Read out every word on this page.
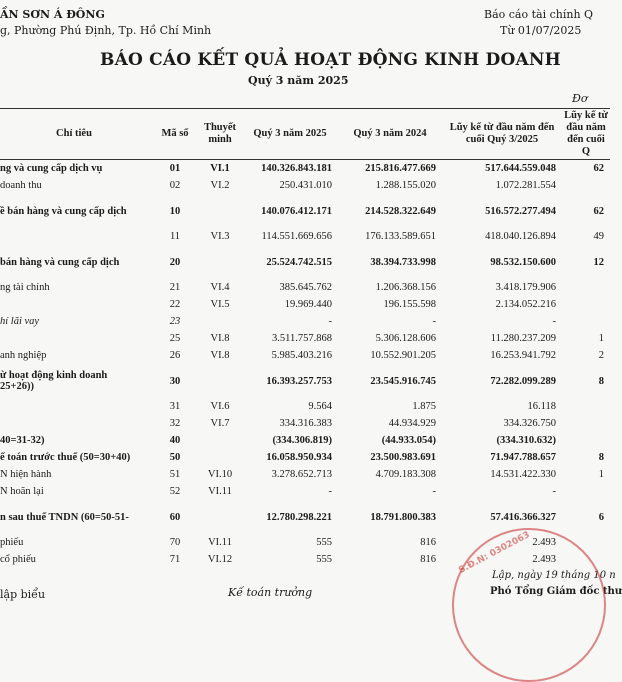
ẦN SƠN Á ĐÔNG
g, Phường Phú Định, Tp. Hồ Chí Minh
Báo cáo tài chính Q
Từ 01/07/2025
BÁO CÁO KẾT QUẢ HOẠT ĐỘNG KINH DOANH
Quý 3 năm 2025
Đơ
Chỉ tiêu	Mã số	Thuyết minh	Quý 3 năm 2025	Quý 3 năm 2024	Lũy kế từ đầu năm đến cuối Quý 3/2025	Lũy kế từ đầu năm đến cuối Q
ng và cung cấp dịch vụ	01	VI.1	140.326.843.181	215.816.477.669	517.644.559.048	62
doanh thu	02	VI.2	250.431.010	1.288.155.020	1.072.281.554	
ề bán hàng và cung cấp dịch	10		140.076.412.171	214.528.322.649	516.572.277.494	62
	11	VI.3	114.551.669.656	176.133.589.651	418.040.126.894	49
bán hàng và cung cấp dịch	20		25.524.742.515	38.394.733.998	98.532.150.600	12
ng tài chính	21	VI.4	385.645.762	1.206.368.156	3.418.179.906	
	22	VI.5	19.969.440	196.155.598	2.134.052.216	
hí lãi vay	23		-	-	-	
	25	VI.8	3.511.757.868	5.306.128.606	11.280.237.209	1
anh nghiệp	26	VI.8	5.985.403.216	10.552.901.205	16.253.941.792	2

ừ hoạt động kinh doanh
25+26))	30		16.393.257.753	23.545.916.745	72.282.099.289	8
	31	VI.6	9.564	1.875	16.118	
	32	VI.7	334.316.383	44.934.929	334.326.750	
40=31-32)	40		(334.306.819)	(44.933.054)	(334.310.632)	
ế toán trước thuế (50=30+40)	50		16.058.950.934	23.500.983.691	71.947.788.657	8
N hiện hành	51	VI.10	3.278.652.713	4.709.183.308	14.531.422.330	1
N hoãn lại	52	VI.11	-	-	-	
n sau thuế TNDN (60=50-51-	60		12.780.298.221	18.791.800.383	57.416.366.327	6
phiếu	70	VI.11	555	816	2.493	
cổ phiếu	71	VI.12	555	816	2.493	
lập biểu	Kế toán trưởng
Lập, ngày 19 tháng 10 n
Phó Tổng Giám đốc thư
S.Đ.N: 0302063
